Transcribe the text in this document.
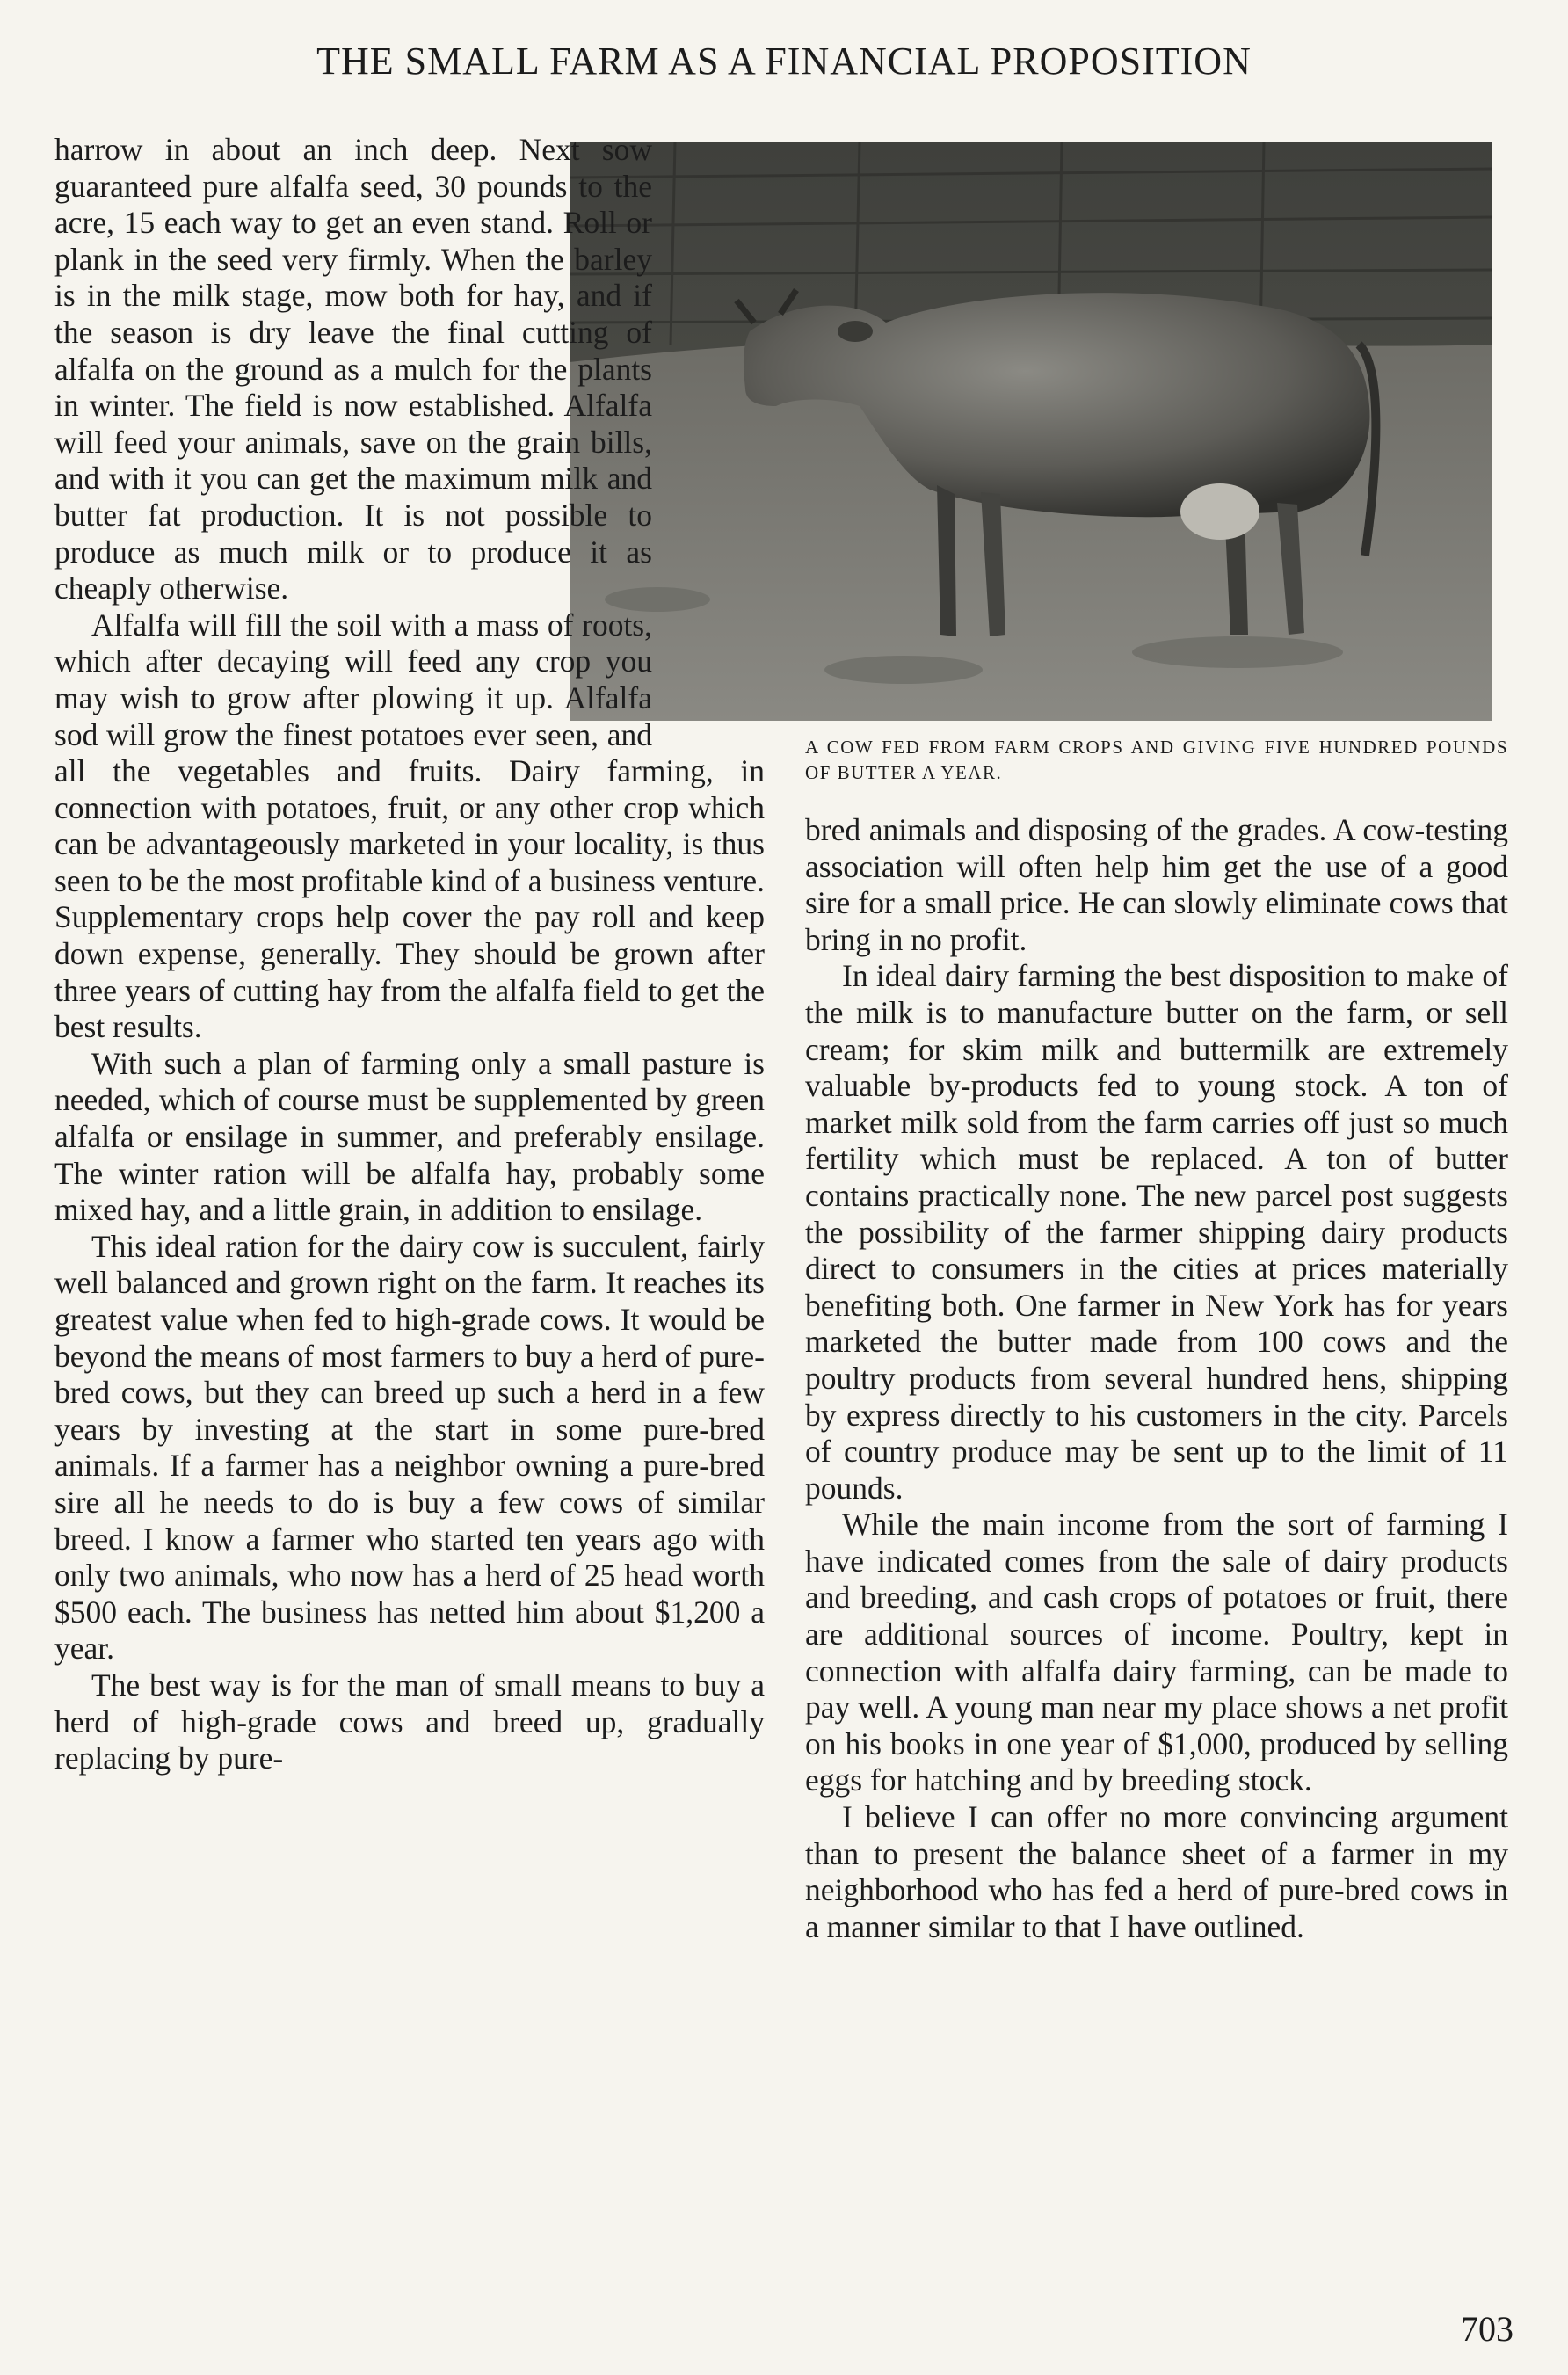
THE SMALL FARM AS A FINANCIAL PROPOSITION
A COW FED FROM FARM CROPS AND GIVING FIVE HUNDRED POUNDS OF BUTTER A YEAR.

harrow in about an inch deep. Next sow guaranteed pure alfalfa seed, 30 pounds to the acre, 15 each way to get an even stand. Roll or plank in the seed very firmly. When the barley is in the milk stage, mow both for hay, and if the season is dry leave the final cutting of alfalfa on the ground as a mulch for the plants in winter. The field is now established. Alfalfa will feed your animals, save on the grain bills, and with it you can get the maximum milk and butter fat production. It is not possible to produce as much milk or to produce it as cheaply otherwise.

Alfalfa will fill the soil with a mass of roots, which after decaying will feed any crop you may wish to grow after plowing it up. Alfalfa sod will grow the finest potatoes ever seen, and all the vegetables and fruits. Dairy farming, in connection with potatoes, fruit, or any other crop which can be advantageously marketed in your locality, is thus seen to be the most profitable kind of a business venture. Supplementary crops help cover the pay roll and keep down expense, generally. They should be grown after three years of cutting hay from the alfalfa field to get the best results.

With such a plan of farming only a small pasture is needed, which of course must be supplemented by green alfalfa or ensilage in summer, and preferably ensilage. The winter ration will be alfalfa hay, probably some mixed hay, and a little grain, in addition to ensilage.

This ideal ration for the dairy cow is succulent, fairly well balanced and grown right on the farm. It reaches its greatest value when fed to high-grade cows. It would be beyond the means of most farmers to buy a herd of pure-bred cows, but they can breed up such a herd in a few years by investing at the start in some pure-bred animals. If a farmer has a neighbor owning a pure-bred sire all he needs to do is buy a few cows of similar breed. I know a farmer who started ten years ago with only two animals, who now has a herd of 25 head worth $500 each. The business has netted him about $1,200 a year.

The best way is for the man of small means to buy a herd of high-grade cows and breed up, gradually replacing by pure-

bred animals and disposing of the grades. A cow-testing association will often help him get the use of a good sire for a small price. He can slowly eliminate cows that bring in no profit.

In ideal dairy farming the best disposition to make of the milk is to manufacture butter on the farm, or sell cream; for skim milk and buttermilk are extremely valuable by-products fed to young stock. A ton of market milk sold from the farm carries off just so much fertility which must be replaced. A ton of butter contains practically none. The new parcel post suggests the possibility of the farmer shipping dairy products direct to consumers in the cities at prices materially benefiting both. One farmer in New York has for years marketed the butter made from 100 cows and the poultry products from several hundred hens, shipping by express directly to his customers in the city. Parcels of country produce may be sent up to the limit of 11 pounds.

While the main income from the sort of farming I have indicated comes from the sale of dairy products and breeding, and cash crops of potatoes or fruit, there are additional sources of income. Poultry, kept in connection with alfalfa dairy farming, can be made to pay well. A young man near my place shows a net profit on his books in one year of $1,000, produced by selling eggs for hatching and by breeding stock.

I believe I can offer no more convincing argument than to present the balance sheet of a farmer in my neighborhood who has fed a herd of pure-bred cows in a manner similar to that I have outlined.

703
